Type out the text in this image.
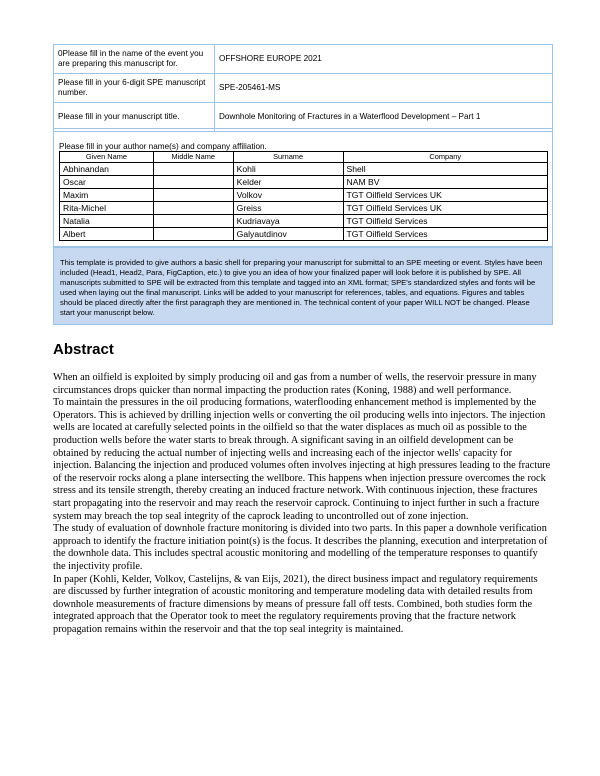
0Please fill in the name of the event you are preparing this manuscript for.	OFFSHORE EUROPE 2021
Please fill in your 6-digit SPE manuscript number.	SPE-205461-MS
Please fill in your manuscript title.	Downhole Monitoring of Fractures in a Waterflood Development – Part 1
Please fill in your author name(s) and company affiliation.
Given Name	Middle Name	Surname	Company
Abhinandan		Kohli	Shell
Oscar		Kelder	NAM BV
Maxim		Volkov	TGT Oilfield Services UK
Rita-Michel		Greiss	TGT Oilfield Services UK
Natalia		Kudriavaya	TGT Oilfield Services
Albert		Galyautdinov	TGT Oilfield Services
This template is provided to give authors a basic shell for preparing your manuscript for submittal to an SPE meeting or event. Styles have been included (Head1, Head2, Para, FigCaption, etc.) to give you an idea of how your finalized paper will look before it is published by SPE. All manuscripts submitted to SPE will be extracted from this template and tagged into an XML format; SPE's standardized styles and fonts will be used when laying out the final manuscript. Links will be added to your manuscript for references, tables, and equations. Figures and tables should be placed directly after the first paragraph they are mentioned in. The technical content of your paper WILL NOT be changed. Please start your manuscript below.
Abstract

When an oilfield is exploited by simply producing oil and gas from a number of wells, the reservoir pressure in many circumstances drops quicker than normal impacting the production rates (Koning, 1988) and well performance.

To maintain the pressures in the oil producing formations, waterflooding enhancement method is implemented by the Operators. This is achieved by drilling injection wells or converting the oil producing wells into injectors. The injection wells are located at carefully selected points in the oilfield so that the water displaces as much oil as possible to the production wells before the water starts to break through. A significant saving in an oilfield development can be obtained by reducing the actual number of injecting wells and increasing each of the injector wells' capacity for injection. Balancing the injection and produced volumes often involves injecting at high pressures leading to the fracture of the reservoir rocks along a plane intersecting the wellbore. This happens when injection pressure overcomes the rock stress and its tensile strength, thereby creating an induced fracture network. With continuous injection, these fractures start propagating into the reservoir and may reach the reservoir caprock. Continuing to inject further in such a fracture system may breach the top seal integrity of the caprock leading to uncontrolled out of zone injection.

The study of evaluation of downhole fracture monitoring is divided into two parts. In this paper a downhole verification approach to identify the fracture initiation point(s) is the focus. It describes the planning, execution and interpretation of the downhole data. This includes spectral acoustic monitoring and modelling of the temperature responses to quantify the injectivity profile.

In paper (Kohli, Kelder, Volkov, Castelijns, & van Eijs, 2021), the direct business impact and regulatory requirements are discussed by further integration of acoustic monitoring and temperature modeling data with detailed results from downhole measurements of fracture dimensions by means of pressure fall off tests. Combined, both studies form the integrated approach that the Operator took to meet the regulatory requirements proving that the fracture network propagation remains within the reservoir and that the top seal integrity is maintained.
